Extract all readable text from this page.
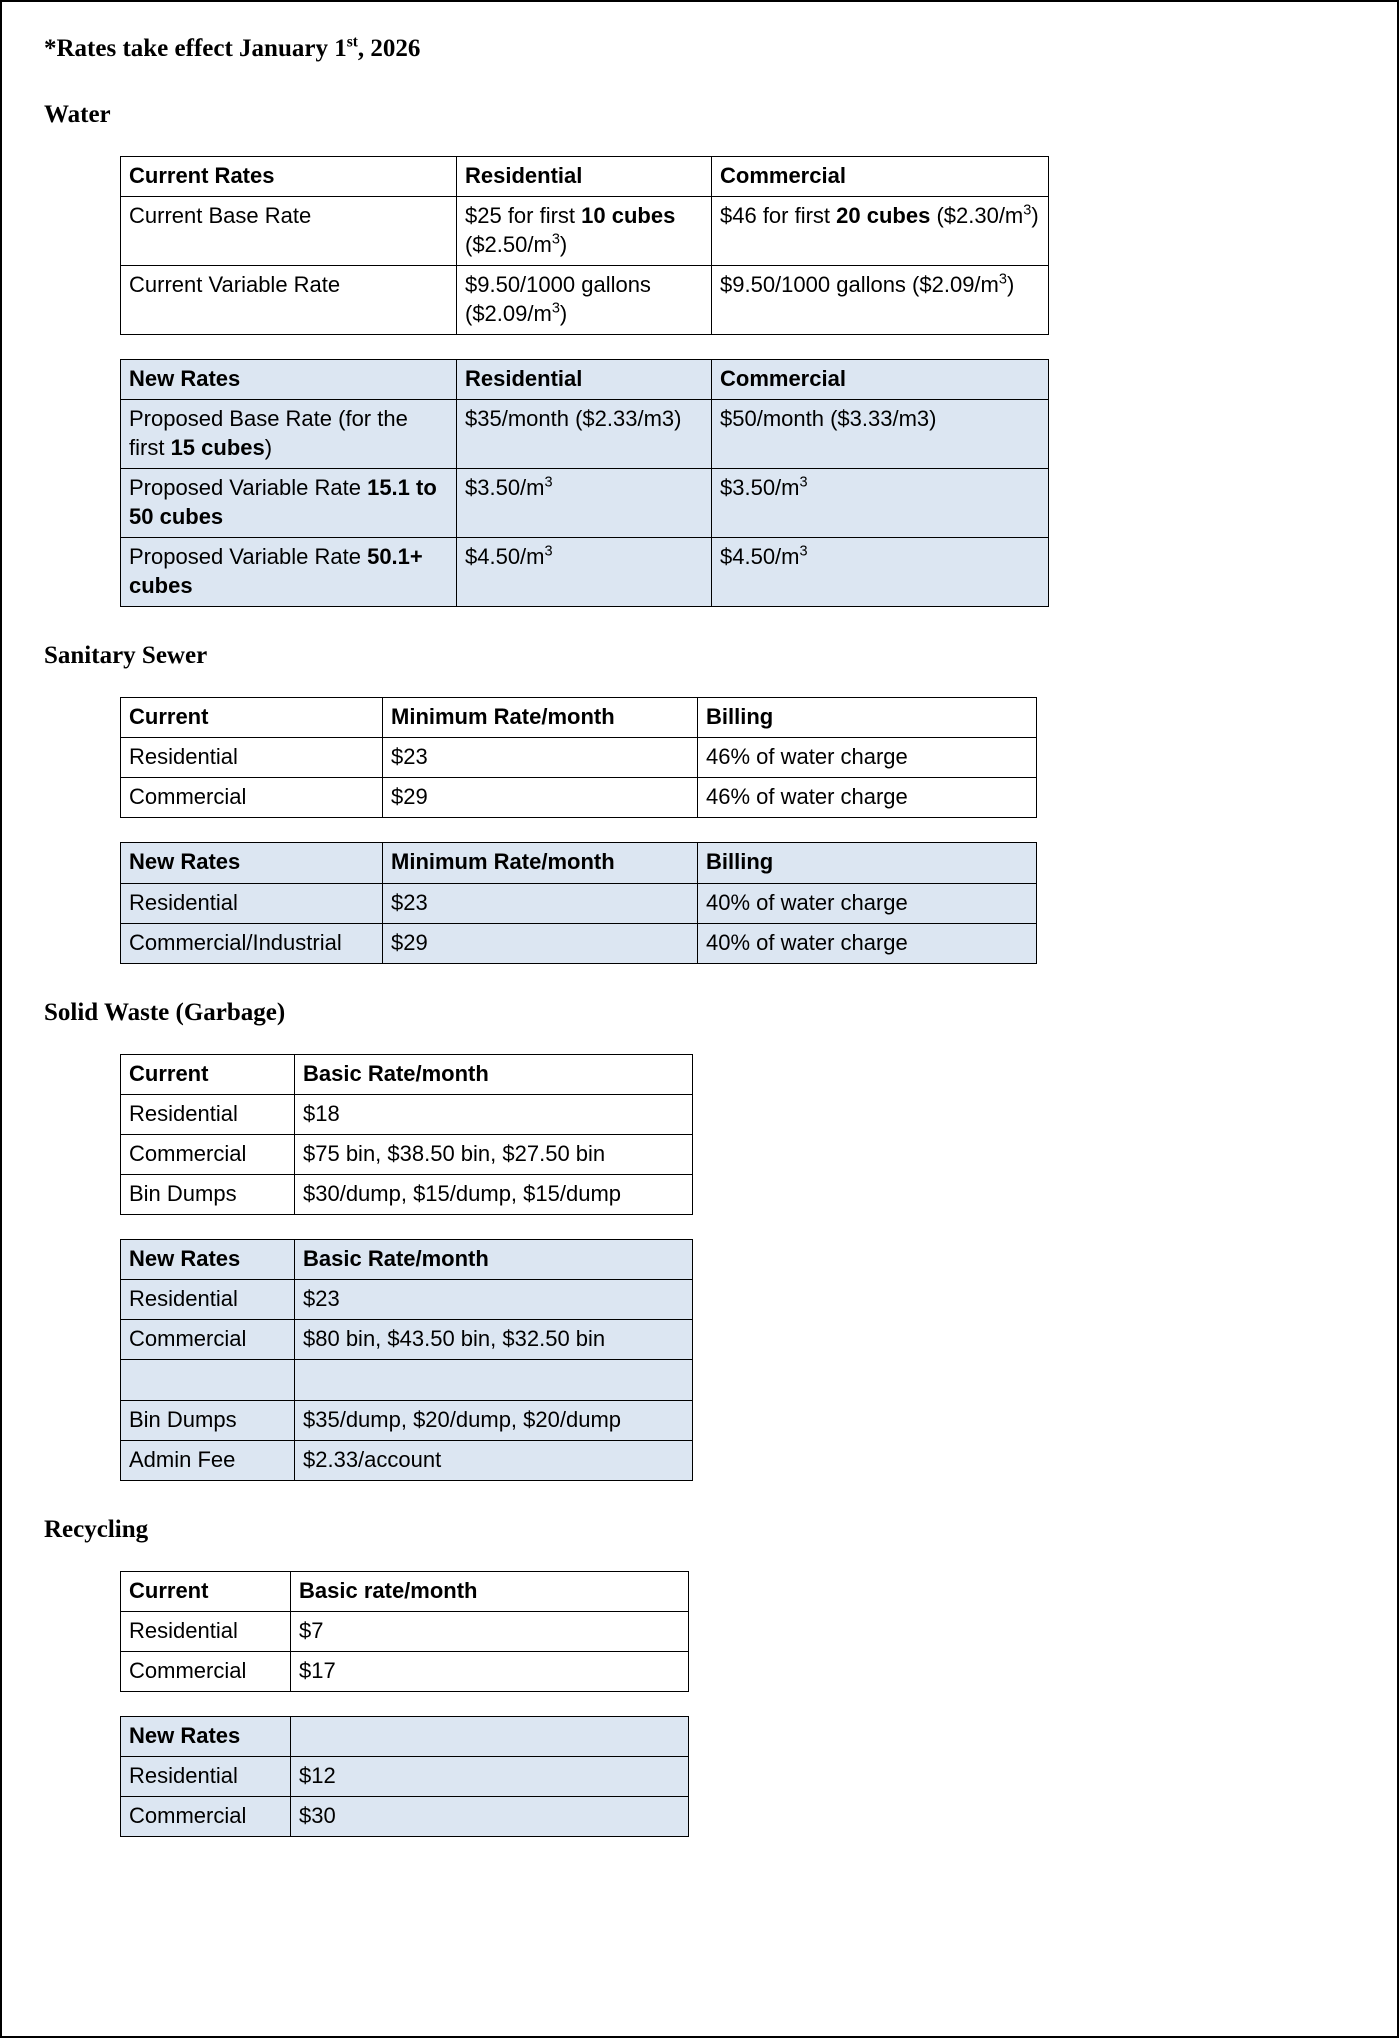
*Rates take effect January 1st, 2026

Water
Current Rates	Residential	Commercial
Current Base Rate	$25 for first 10 cubes $(\$2.50/m^3)$	$46 for first 20 cubes $(\$2.30/m^3)$
Current Variable Rate	$9.50/1000 gallons $(\$2.09/m^3)$	$9.50/1000 gallons $(\$2.09/m^3)$
New Rates	Residential	Commercial
Proposed Base Rate (for the first 15 cubes)	$35/month ($2.33/m3)	$50/month ($3.33/m3)
Proposed Variable Rate 15.1 to 50 cubes	$\$3.50/m^3$	$\$3.50/m^3$
Proposed Variable Rate 50.1+ cubes	$\$4.50/m^3$	$\$4.50/m^3$
Sanitary Sewer
Current	Minimum Rate/month	Billing
Residential	$23	46% of water charge
Commercial	$29	46% of water charge
New Rates	Minimum Rate/month	Billing
Residential	$23	40% of water charge
Commercial/Industrial	$29	40% of water charge
Solid Waste (Garbage)
Current	Basic Rate/month
Residential	$18
Commercial	$75 bin, $38.50 bin, $27.50 bin
Bin Dumps	$30/dump, $15/dump, $15/dump
New Rates	Basic Rate/month
Residential	$23
Commercial	$80 bin, $43.50 bin, $32.50 bin

Bin Dumps	$35/dump, $20/dump, $20/dump
Admin Fee	$2.33/account
Recycling
Current	Basic rate/month
Residential	$7
Commercial	$17
New Rates	
Residential	$12
Commercial	$30
